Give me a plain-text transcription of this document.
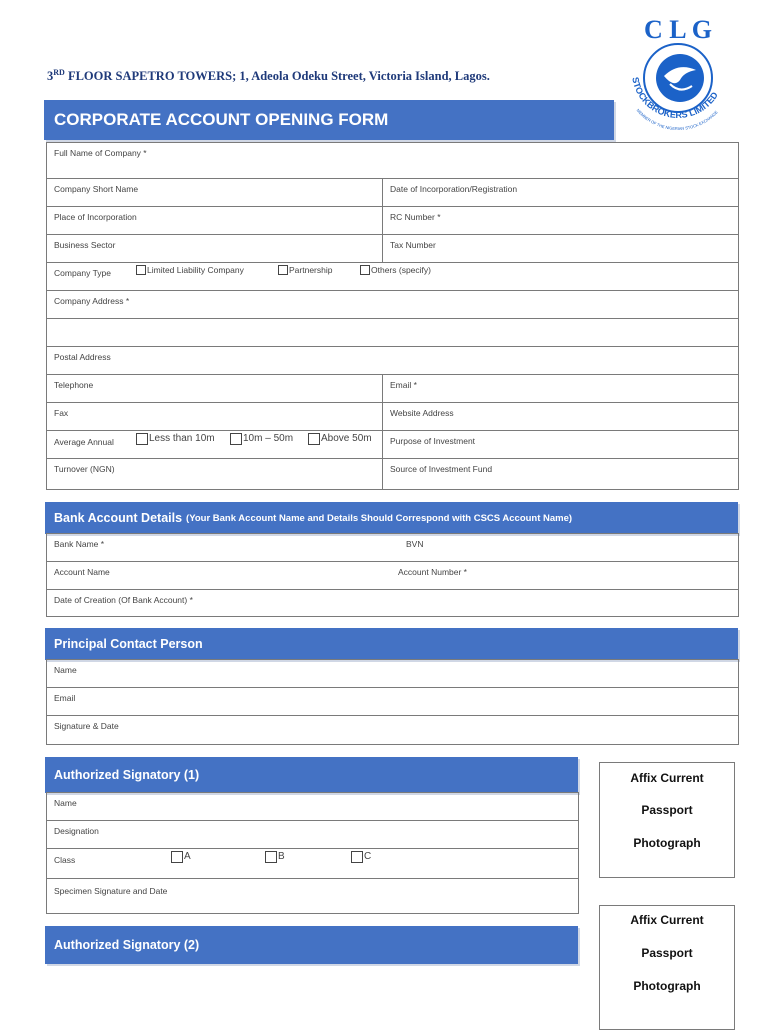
3RD FLOOR SAPETRO TOWERS; 1, Adeola Odeku Street, Victoria Island, Lagos.
C L G
STOCKBROKERS LIMITED
MEMBER OF THE NIGERIAN STOCK EXCHANGE
CORPORATE ACCOUNT OPENING FORM
Full Name of Company *
Company Short Name	Date of Incorporation/Registration
Place of Incorporation	RC Number *
Business Sector	Tax Number
Company Type	Limited Liability Company	Partnership	Others (specify)
Company Address *
Postal Address
Telephone	Email *
Fax	Website Address
Average Annual	Less than 10m	10m – 50m	Above 50m	Purpose of Investment
Turnover (NGN)	Source of Investment Fund
Bank Account Details (Your Bank Account Name and Details Should Correspond with CSCS Account Name)
Bank Name *	BVN
Account Name	Account Number *
Date of Creation (Of Bank Account) *
Principal Contact Person
Name
Email
Signature & Date
Authorized Signatory (1)
Name
Designation
Class	A	B	C
Specimen Signature and Date
Authorized Signatory (2)
Affix Current
Passport
Photograph
Affix Current
Passport
Photograph
